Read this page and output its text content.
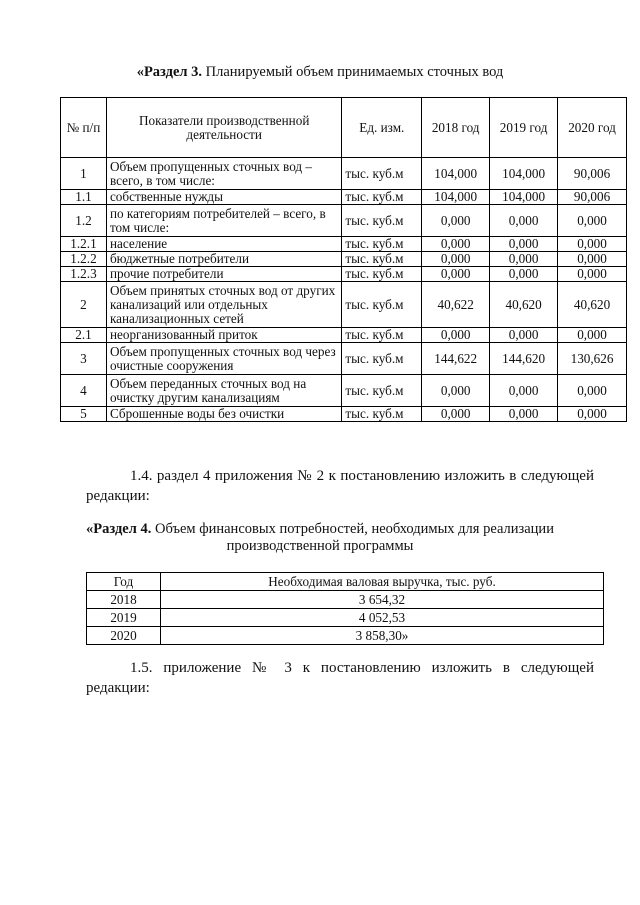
«Раздел 3. Планируемый объем принимаемых сточных вод
№ п/п	Показатели производственной деятельности	Ед. изм.	2018 год	2019 год	2020 год
1	Объем пропущенных сточных вод – всего, в том числе:	тыс. куб.м	104,000	104,000	90,006
1.1	собственные нужды	тыс. куб.м	104,000	104,000	90,006
1.2	по категориям потребителей – всего, в том числе:	тыс. куб.м	0,000	0,000	0,000
1.2.1	население	тыс. куб.м	0,000	0,000	0,000
1.2.2	бюджетные потребители	тыс. куб.м	0,000	0,000	0,000
1.2.3	прочие потребители	тыс. куб.м	0,000	0,000	0,000
2	Объем принятых сточных вод от других канализаций или отдельных канализационных сетей	тыс. куб.м	40,622	40,620	40,620
2.1	неорганизованный приток	тыс. куб.м	0,000	0,000	0,000
3	Объем пропущенных сточных вод через очистные сооружения	тыс. куб.м	144,622	144,620	130,626
4	Объем переданных сточных вод на очистку другим канализациям	тыс. куб.м	0,000	0,000	0,000
5	Сброшенные воды без очистки	тыс. куб.м	0,000	0,000	0,000
1.4. раздел 4 приложения № 2 к постановлению изложить в следующей редакции:
«Раздел 4. Объем финансовых потребностей, необходимых для реализации
производственной программы
Год	Необходимая валовая выручка, тыс. руб.
2018	3 654,32
2019	4 052,53
2020	3 858,30»
1.5. приложение № 3 к постановлению изложить в следующей редакции:
